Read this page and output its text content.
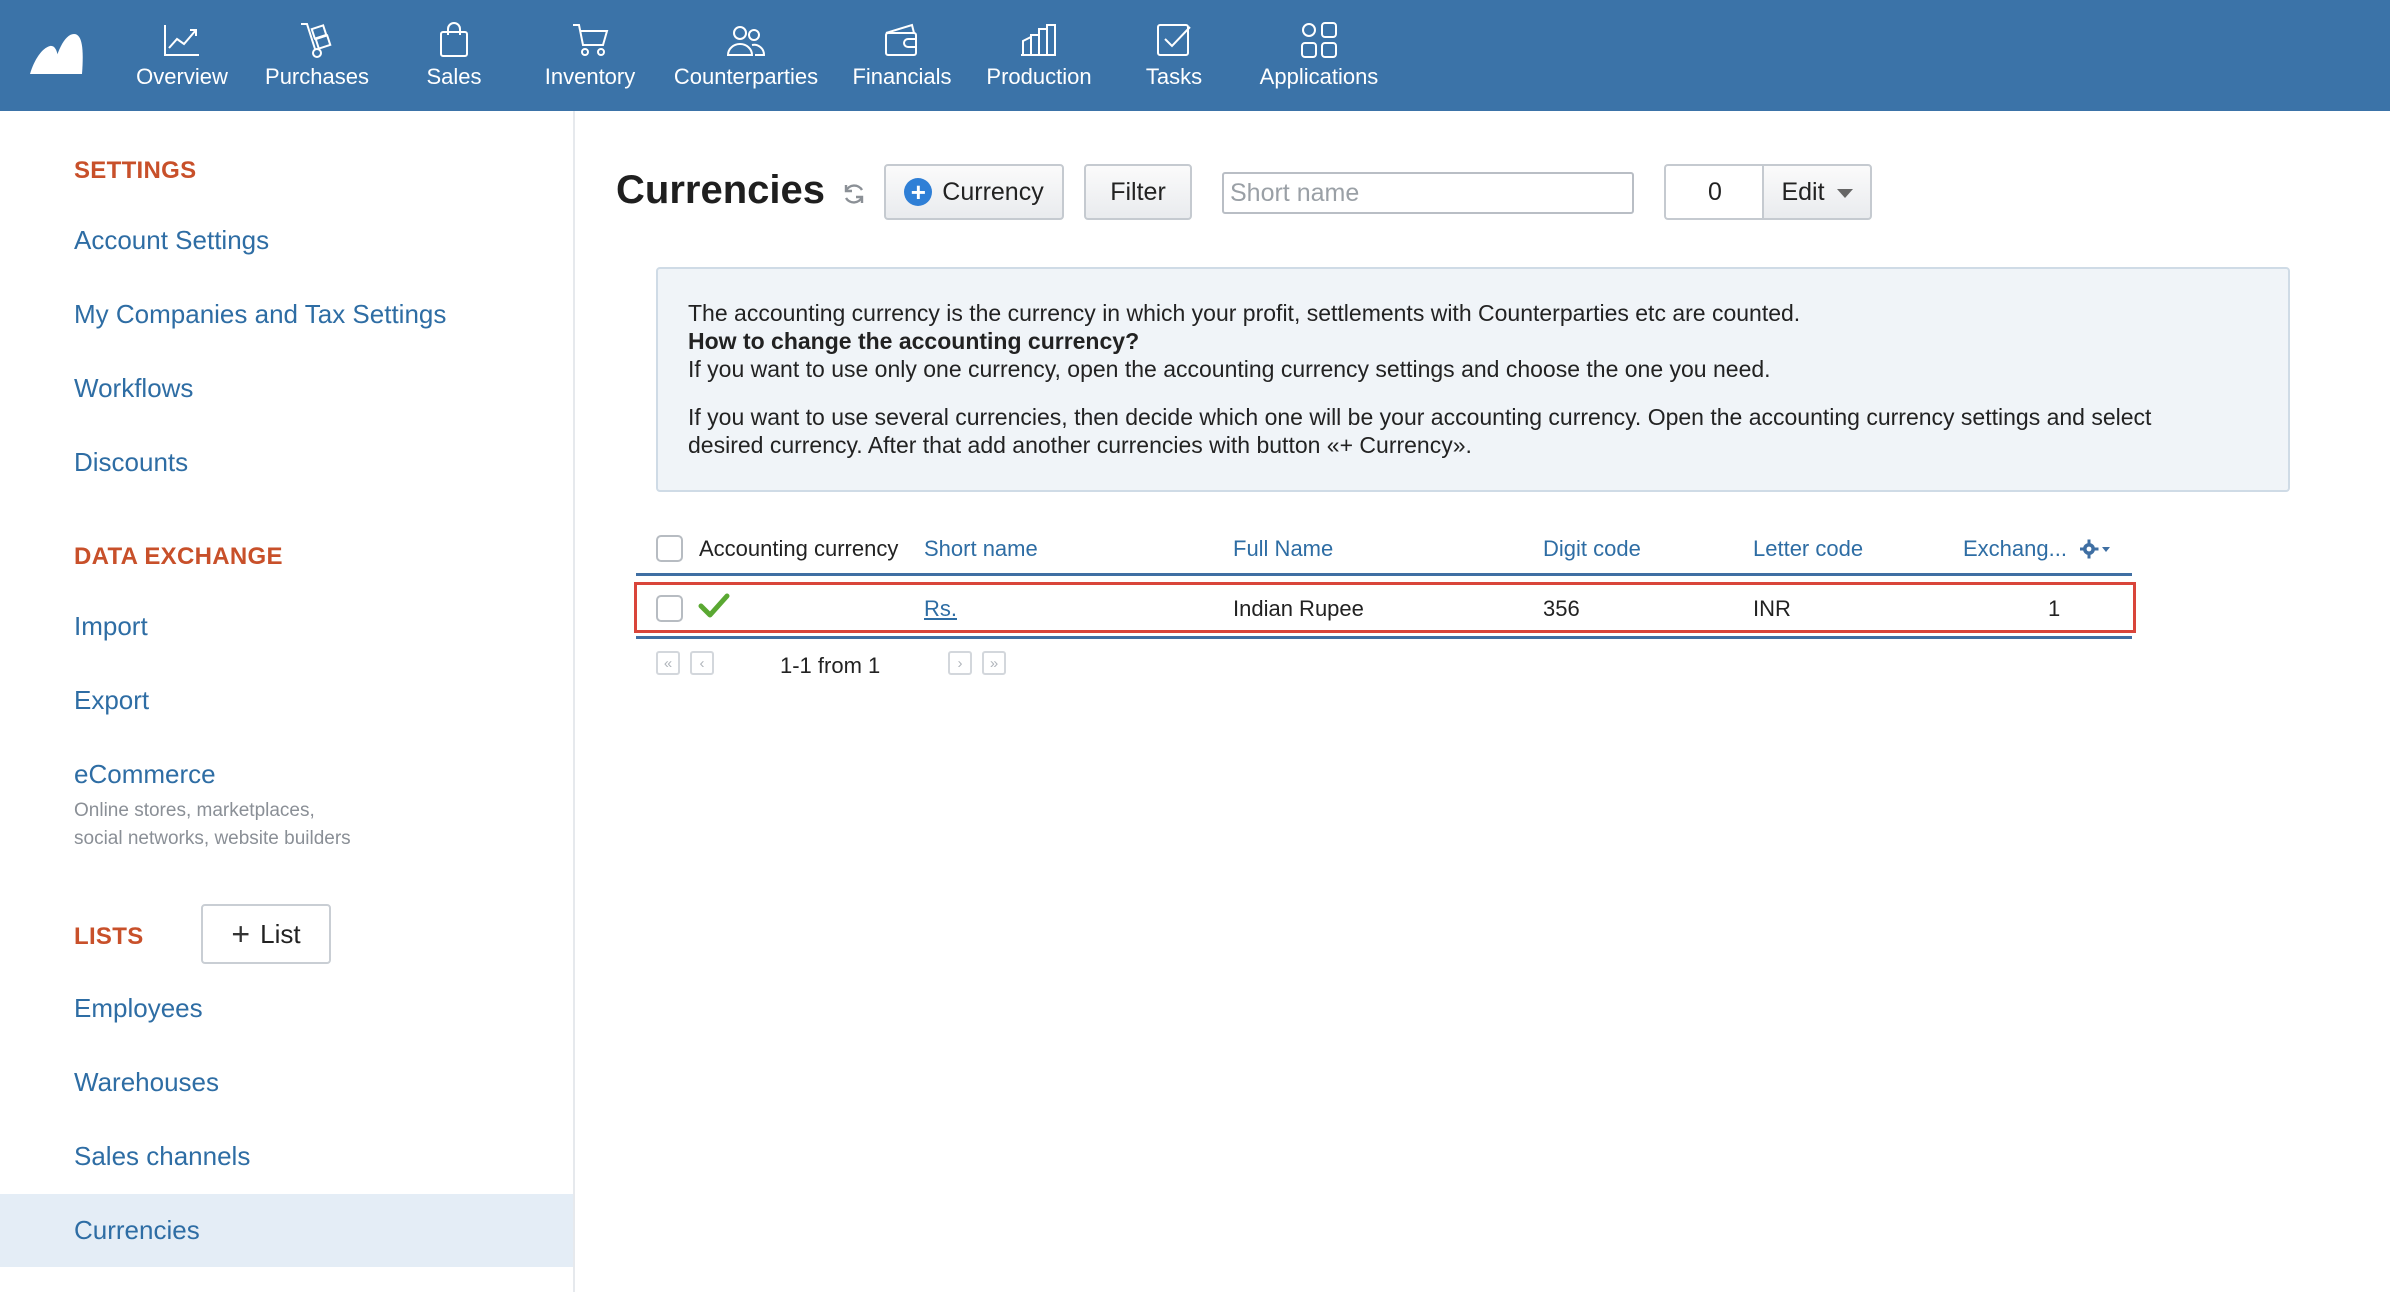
Overview Purchases	Sales	Inventory Counterparties Financials Production Tasks	Applications
SETTINGS
Account Settings
My Companies and Tax Settings
Workflows
Discounts
DATA EXCHANGE
Import
Export
eCommerce
Online stores, marketplaces,
social networks, website builders
LISTS	+ List
Employees
Warehouses
Sales channels
Currencies
Currencies	+ Currency	Filter
Short name	0	Edit

The accounting currency is the currency in which your profit, settlements with Counterparties etc are counted.

How to change the accounting currency?

If you want to use only one currency, open the accounting currency settings and choose the one you need.

If you want to use several currencies, then decide which one will be your accounting currency. Open the accounting currency settings and select

desired currency. After that add another currencies with button «+ Currency».

Accounting currency Short name	Full Name	Digit code	Letter code	Exchang...
Rs.	Indian Rupee	356	INR	1
«	‹	1-1 from 1	›	»
